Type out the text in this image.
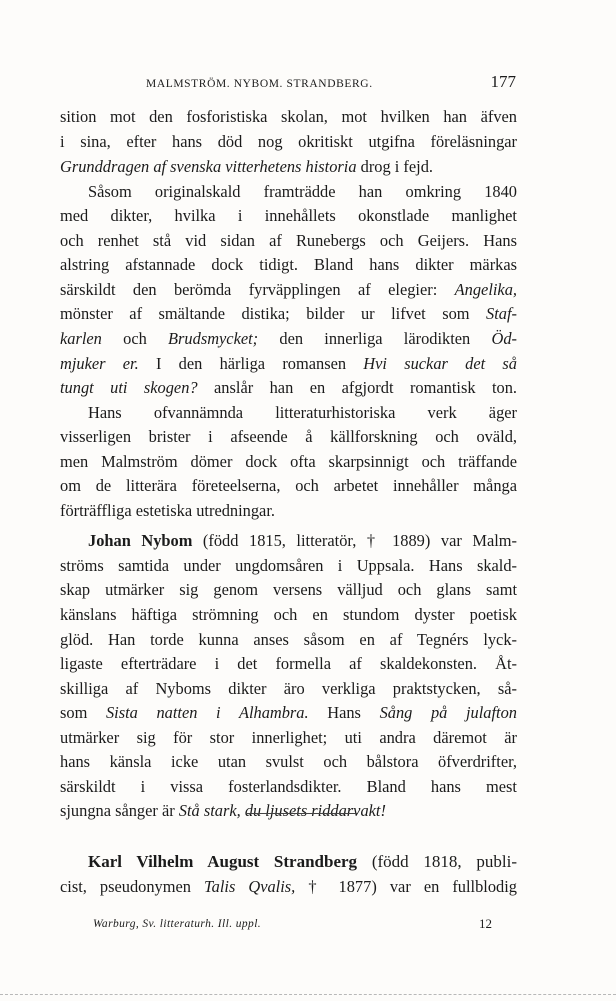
MALMSTRÖM. NYBOM. STRANDBERG.	177
sition mot den fosforistiska skolan, mot hvilken han äfven
i sina, efter hans död nog okritiskt utgifna föreläsningar
Grunddragen af svenska vitterhetens historia drog i fejd.
Såsom originalskald framträdde han omkring 1840
med dikter, hvilka i innehållets okonstlade manlighet
och renhet stå vid sidan af Runebergs och Geijers. Hans
alstring afstannade dock tidigt. Bland hans dikter märkas
särskildt den berömda fyrväpplingen af elegier: Angelika,
mönster af smältande distika; bilder ur lifvet som Staf-
karlen och Brudsmycket; den innerliga lärodikten Öd-
mjuker er. I den härliga romansen Hvi suckar det så
tungt uti skogen? anslår han en afgjordt romantisk ton.
Hans ofvannämnda litteraturhistoriska verk äger
visserligen brister i afseende å källforskning och oväld,
men Malmström dömer dock ofta skarpsinnigt och träffande
om de litterära företeelserna, och arbetet innehåller många
förträffliga estetiska utredningar.
Johan Nybom (född 1815, litteratör, † 1889) var Malm-
ströms samtida under ungdomsåren i Uppsala. Hans skald-
skap utmärker sig genom versens välljud och glans samt
känslans häftiga strömning och en stundom dyster poetisk
glöd. Han torde kunna anses såsom en af Tegnérs lyck-
ligaste efterträdare i det formella af skaldekonsten. Åt-
skilliga af Nyboms dikter äro verkliga praktstycken, så-
som Sista natten i Alhambra. Hans Sång på julafton
utmärker sig för stor innerlighet; uti andra däremot är
hans känsla icke utan svulst och bålstora öfverdrifter,
särskildt i vissa fosterlandsdikter. Bland hans mest
sjungna sånger är Stå stark, du ljusets riddarvakt!
Karl Vilhelm August Strandberg (född 1818, publi-
cist, pseudonymen Talis Qvalis, † 1877) var en fullblodig
Warburg, Sv. litteraturh. Ill. uppl.	12
